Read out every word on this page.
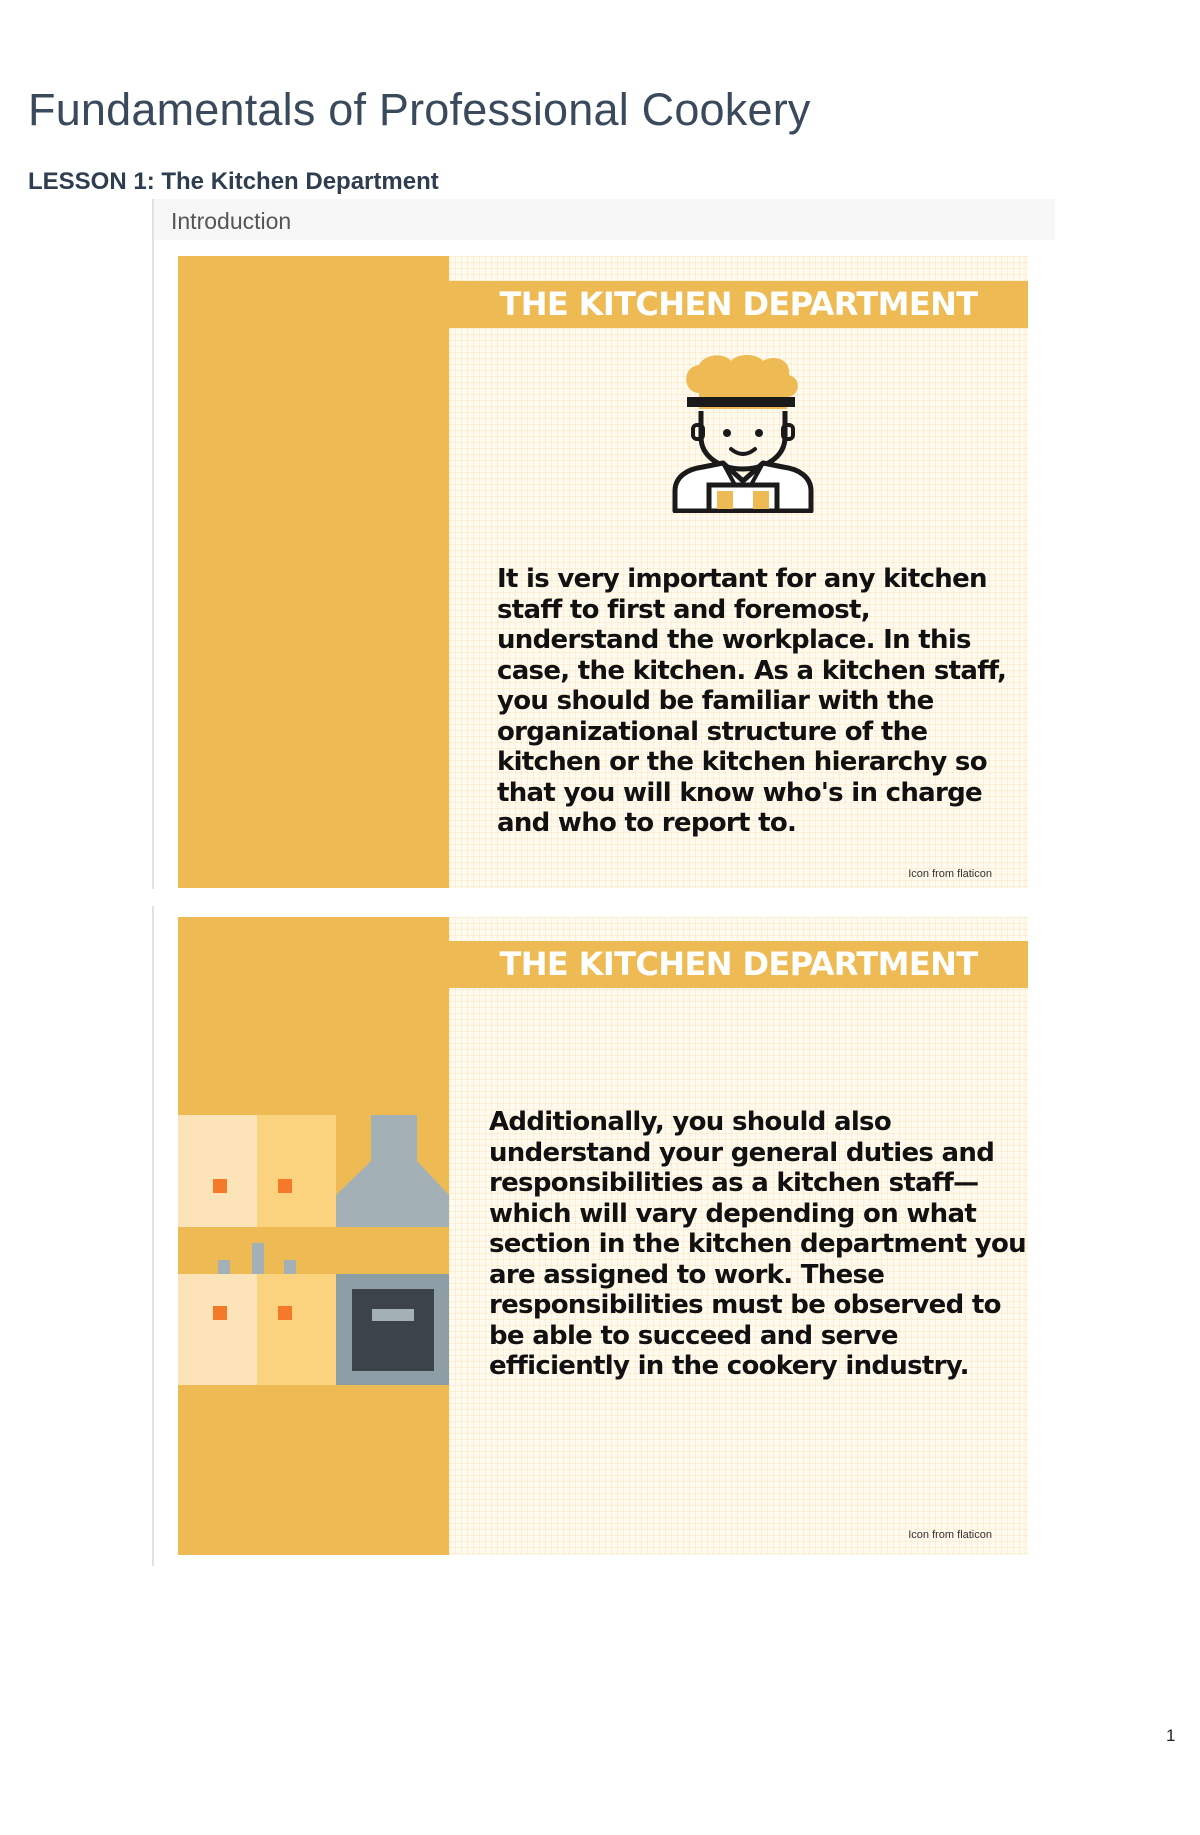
Fundamentals of Professional Cookery
LESSON 1: The Kitchen Department
Introduction
THE KITCHEN DEPARTMENT

It is very important for any kitchen
staff to first and foremost,
understand the workplace. In this
case, the kitchen. As a kitchen staff,
you should be familiar with the
organizational structure of the
kitchen or the kitchen hierarchy so
that you will know who's in charge
and who to report to.

Icon from flaticon
THE KITCHEN DEPARTMENT

Additionally, you should also
understand your general duties and
responsibilities as a kitchen staff—
which will vary depending on what
section in the kitchen department you
are assigned to work. These
responsibilities must be observed to
be able to succeed and serve
efficiently in the cookery industry.

Icon from flaticon
1
